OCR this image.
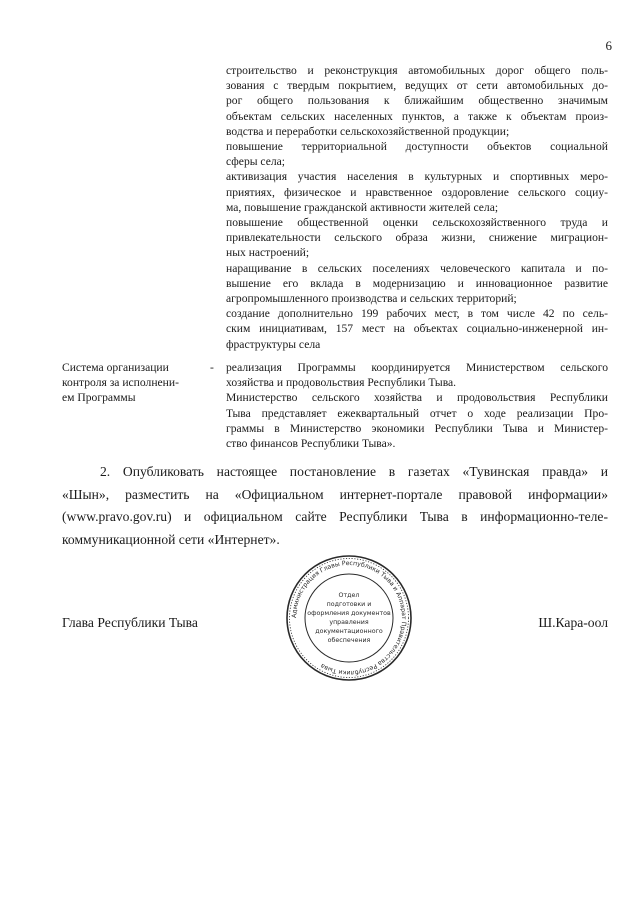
6
строительство и реконструкция автомобильных дорог общего поль-
зования с твердым покрытием, ведущих от сети автомобильных до-
рог общего пользования к ближайшим общественно значимым
объектам сельских населенных пунктов, а также к объектам произ-
водства и переработки сельскохозяйственной продукции;
повышение территориальной доступности объектов социальной
сферы села;
активизация участия населения в культурных и спортивных меро-
приятиях, физическое и нравственное оздоровление сельского социу-
ма, повышение гражданской активности жителей села;
повышение общественной оценки сельскохозяйственного труда и
привлекательности сельского образа жизни, снижение миграцион-
ных настроений;
наращивание в сельских поселениях человеческого капитала и по-
вышение его вклада в модернизацию и инновационное развитие
агропромышленного производства и сельских территорий;
создание дополнительно 199 рабочих мест, в том числе 42 по сель-
ским инициативам, 157 мест на объектах социально-инженерной ин-
фраструктуры села
Система организации
контроля за исполнени-
ем Программы
- реализация Программы координируется Министерством сельского
хозяйства и продовольствия Республики Тыва.
Министерство сельского хозяйства и продовольствия Республики
Тыва представляет ежеквартальный отчет о ходе реализации Про-
граммы в Министерство экономики Республики Тыва и Министер-
ство финансов Республики Тыва».
2. Опубликовать настоящее постановление в газетах «Тувинская правда» и
«Шын», разместить на «Официальном интернет-портале правовой информации»
(www.pravo.gov.ru) и официальном сайте Республики Тыва в информационно-теле-
коммуникационной сети «Интернет».
Глава Республики Тыва	Ш.Кара-оол
Администрация Главы Республики Тыва и Аппарат Правительства Республики Тыва
Отдел
подготовки и
оформления документов
управления
документационного
обеспечения
